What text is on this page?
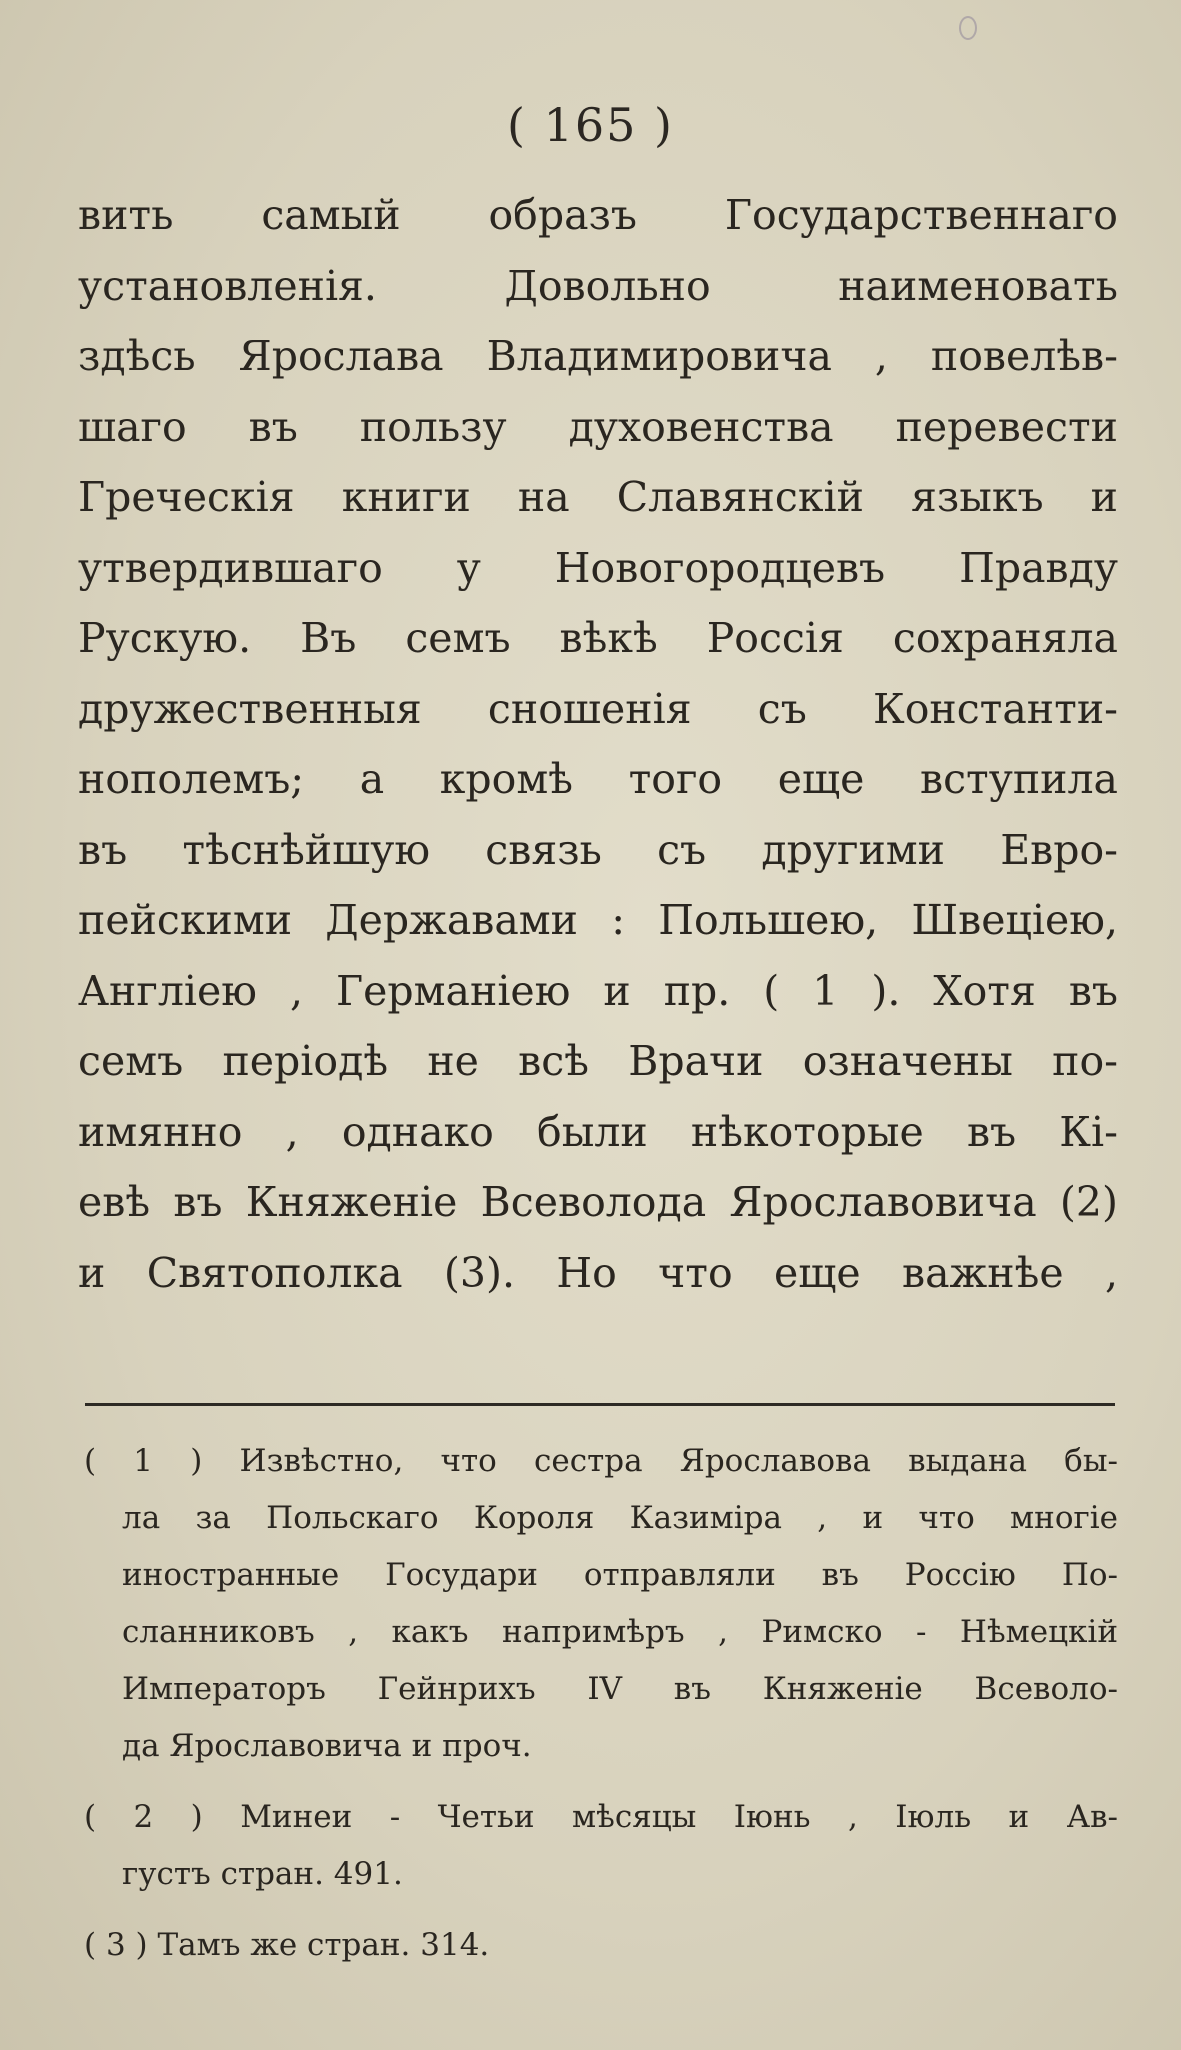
( 165 )
вить самый образъ Государственнаго
установленія. Довольно наименовать
здѣсь Ярослава Владимировича , повелѣв-
шаго въ пользу духовенства перевести
Греческія книги на Славянскій языкъ и
утвердившаго у Новогородцевъ Правду
Рускую. Въ семъ вѣкѣ Россія сохраняла
дружественныя сношенія съ Константи-
нополемъ; а кромѣ того еще вступила
въ тѣснѣйшую связь съ другими Евро-
пейскими Державами : Польшею, Швеціею,
Англіею , Германіею и пр. ( 1 ). Хотя въ
семъ періодѣ не всѣ Врачи означены по-
имянно , однако были нѣкоторые въ Кі-
евѣ въ Княженіе Всеволода Ярославовича (2)
и Святополка (3). Но что еще важнѣе ,
( 1 ) Извѣстно, что сестра Ярославова выдана бы-
ла за Польскаго Короля Казиміра , и что многіе
иностранные Государи отправляли въ Россію По-
сланниковъ , какъ напримѣръ , Римско - Нѣмецкій
Императоръ Гейнрихъ IV въ Княженіе Всеволо-
да Ярославовича и проч.
( 2 ) Минеи - Четьи мѣсяцы Іюнь , Іюль и Ав-
густъ стран. 491.
( 3 ) Тамъ же стран. 314.
